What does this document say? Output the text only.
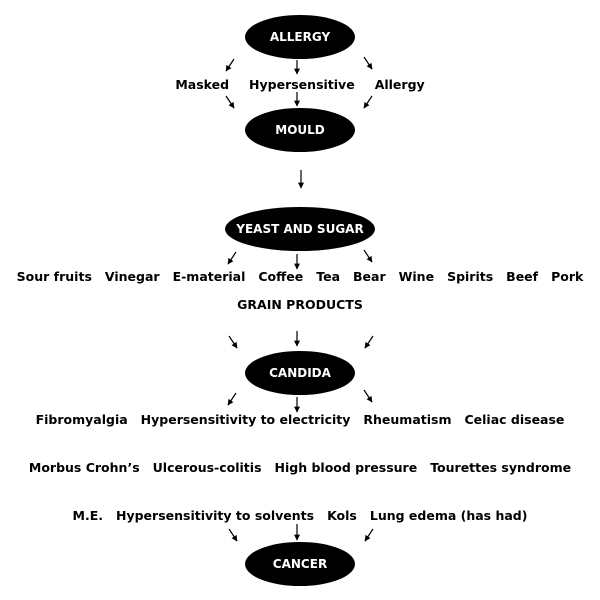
ALLERGY
Masked Hypersensitive Allergy
MOULD
YEAST AND SUGAR
Sour fruits Vinegar E-material Coffee Tea Bear Wine Spirits Beef Pork
GRAIN PRODUCTS
CANDIDA
Fibromyalgia Hypersensitivity to electricity Rheumatism Celiac disease
Morbus Crohn’s Ulcerous-colitis High blood pressure Tourettes syndrome
M.E. Hypersensitivity to solvents Kols Lung edema (has had)
CANCER
